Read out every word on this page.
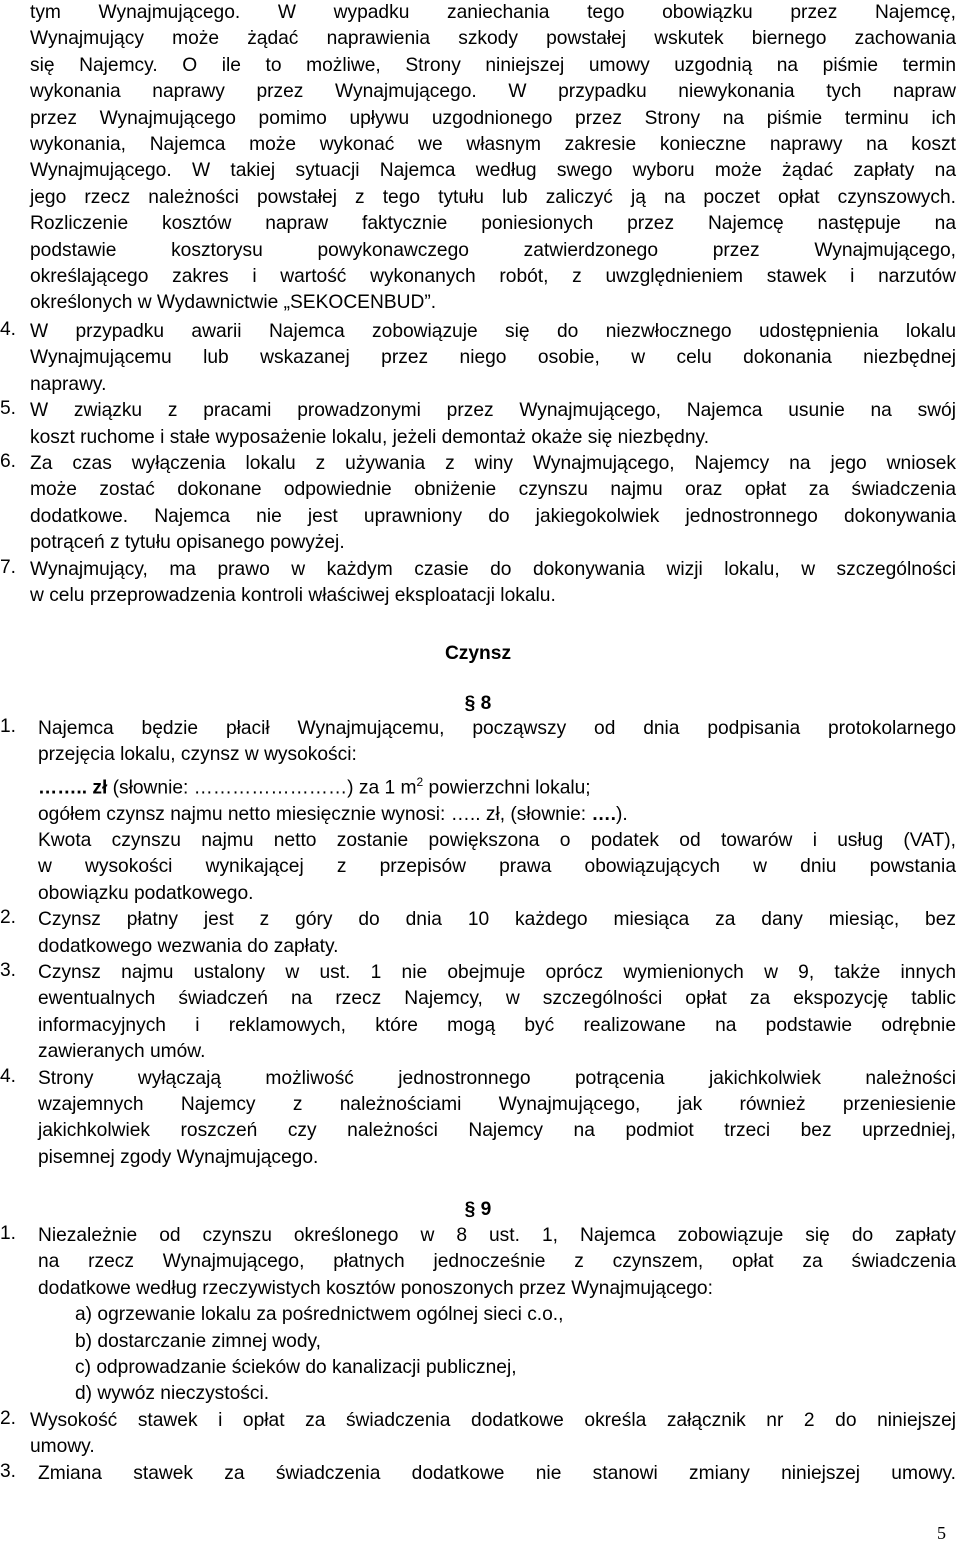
tym Wynajmującego. W wypadku zaniechania tego obowiązku przez Najemcę,

Wynajmujący może żądać naprawienia szkody powstałej wskutek biernego zachowania

się Najemcy. O ile to możliwe, Strony niniejszej umowy uzgodnią na piśmie termin

wykonania naprawy przez Wynajmującego. W przypadku niewykonania tych napraw

przez Wynajmującego pomimo upływu uzgodnionego przez Strony na piśmie terminu ich

wykonania, Najemca może wykonać we własnym zakresie konieczne naprawy na koszt

Wynajmującego. W takiej sytuacji Najemca według swego wyboru może żądać zapłaty na

jego rzecz należności powstałej z tego tytułu lub zaliczyć ją na poczet opłat czynszowych.

Rozliczenie kosztów napraw faktycznie poniesionych przez Najemcę następuje na

podstawie kosztorysu powykonawczego zatwierdzonego przez Wynajmującego,

określającego zakres i wartość wykonanych robót, z uwzględnieniem stawek i narzutów

określonych w Wydawnictwie „SEKOCENBUD”.

4. W przypadku awarii Najemca zobowiązuje się do niezwłocznego udostępnienia lokalu

Wynajmującemu lub wskazanej przez niego osobie, w celu dokonania niezbędnej

naprawy.

5. W związku z pracami prowadzonymi przez Wynajmującego, Najemca usunie na swój

koszt ruchome i stałe wyposażenie lokalu, jeżeli demontaż okaże się niezbędny.

6. Za czas wyłączenia lokalu z używania z winy Wynajmującego, Najemcy na jego wniosek

może zostać dokonane odpowiednie obniżenie czynszu najmu oraz opłat za świadczenia

dodatkowe. Najemca nie jest uprawniony do jakiegokolwiek jednostronnego dokonywania

potrąceń z tytułu opisanego powyżej.

7. Wynajmujący, ma prawo w każdym czasie do dokonywania wizji lokalu, w szczególności

w celu przeprowadzenia kontroli właściwej eksploatacji lokalu.

Czynsz
§ 8
1.	Najemca będzie płacił Wynajmującemu, począwszy od dnia podpisania protokolarnego

przejęcia lokalu, czynsz w wysokości:

…….. zł (słownie: ……………………) za 1 $m^2$ powierzchni lokalu;

ogółem czynsz najmu netto miesięcznie wynosi: ….. zł, (słownie: ….).

Kwota czynszu najmu netto zostanie powiększona o podatek od towarów i usług (VAT),

w wysokości wynikającej z przepisów prawa obowiązujących w dniu powstania

obowiązku podatkowego.

2.	Czynsz płatny jest z góry do dnia 10 każdego miesiąca za dany miesiąc, bez

dodatkowego wezwania do zapłaty.

3.	Czynsz najmu ustalony w ust. 1 nie obejmuje oprócz wymienionych w 9, także innych

ewentualnych świadczeń na rzecz Najemcy, w szczególności opłat za ekspozycję tablic

informacyjnych i reklamowych, które mogą być realizowane na podstawie odrębnie

zawieranych umów.

4.	Strony wyłączają możliwość jednostronnego potrącenia jakichkolwiek należności

wzajemnych Najemcy z należnościami Wynajmującego, jak również przeniesienie

jakichkolwiek roszczeń czy należności Najemcy na podmiot trzeci bez uprzedniej,

pisemnej zgody Wynajmującego.

§ 9
1.	Niezależnie od czynszu określonego w 8 ust. 1, Najemca zobowiązuje się do zapłaty

na rzecz Wynajmującego, płatnych jednocześnie z czynszem, opłat za świadczenia

dodatkowe według rzeczywistych kosztów ponoszonych przez Wynajmującego:

a) ogrzewanie lokalu za pośrednictwem ogólnej sieci c.o.,

b) dostarczanie zimnej wody,

c) odprowadzanie ścieków do kanalizacji publicznej,

d) wywóz nieczystości.

2. Wysokość stawek i opłat za świadczenia dodatkowe określa załącznik nr 2 do niniejszej

umowy.

3.	Zmiana stawek za świadczenia dodatkowe nie stanowi zmiany niniejszej umowy.

5
